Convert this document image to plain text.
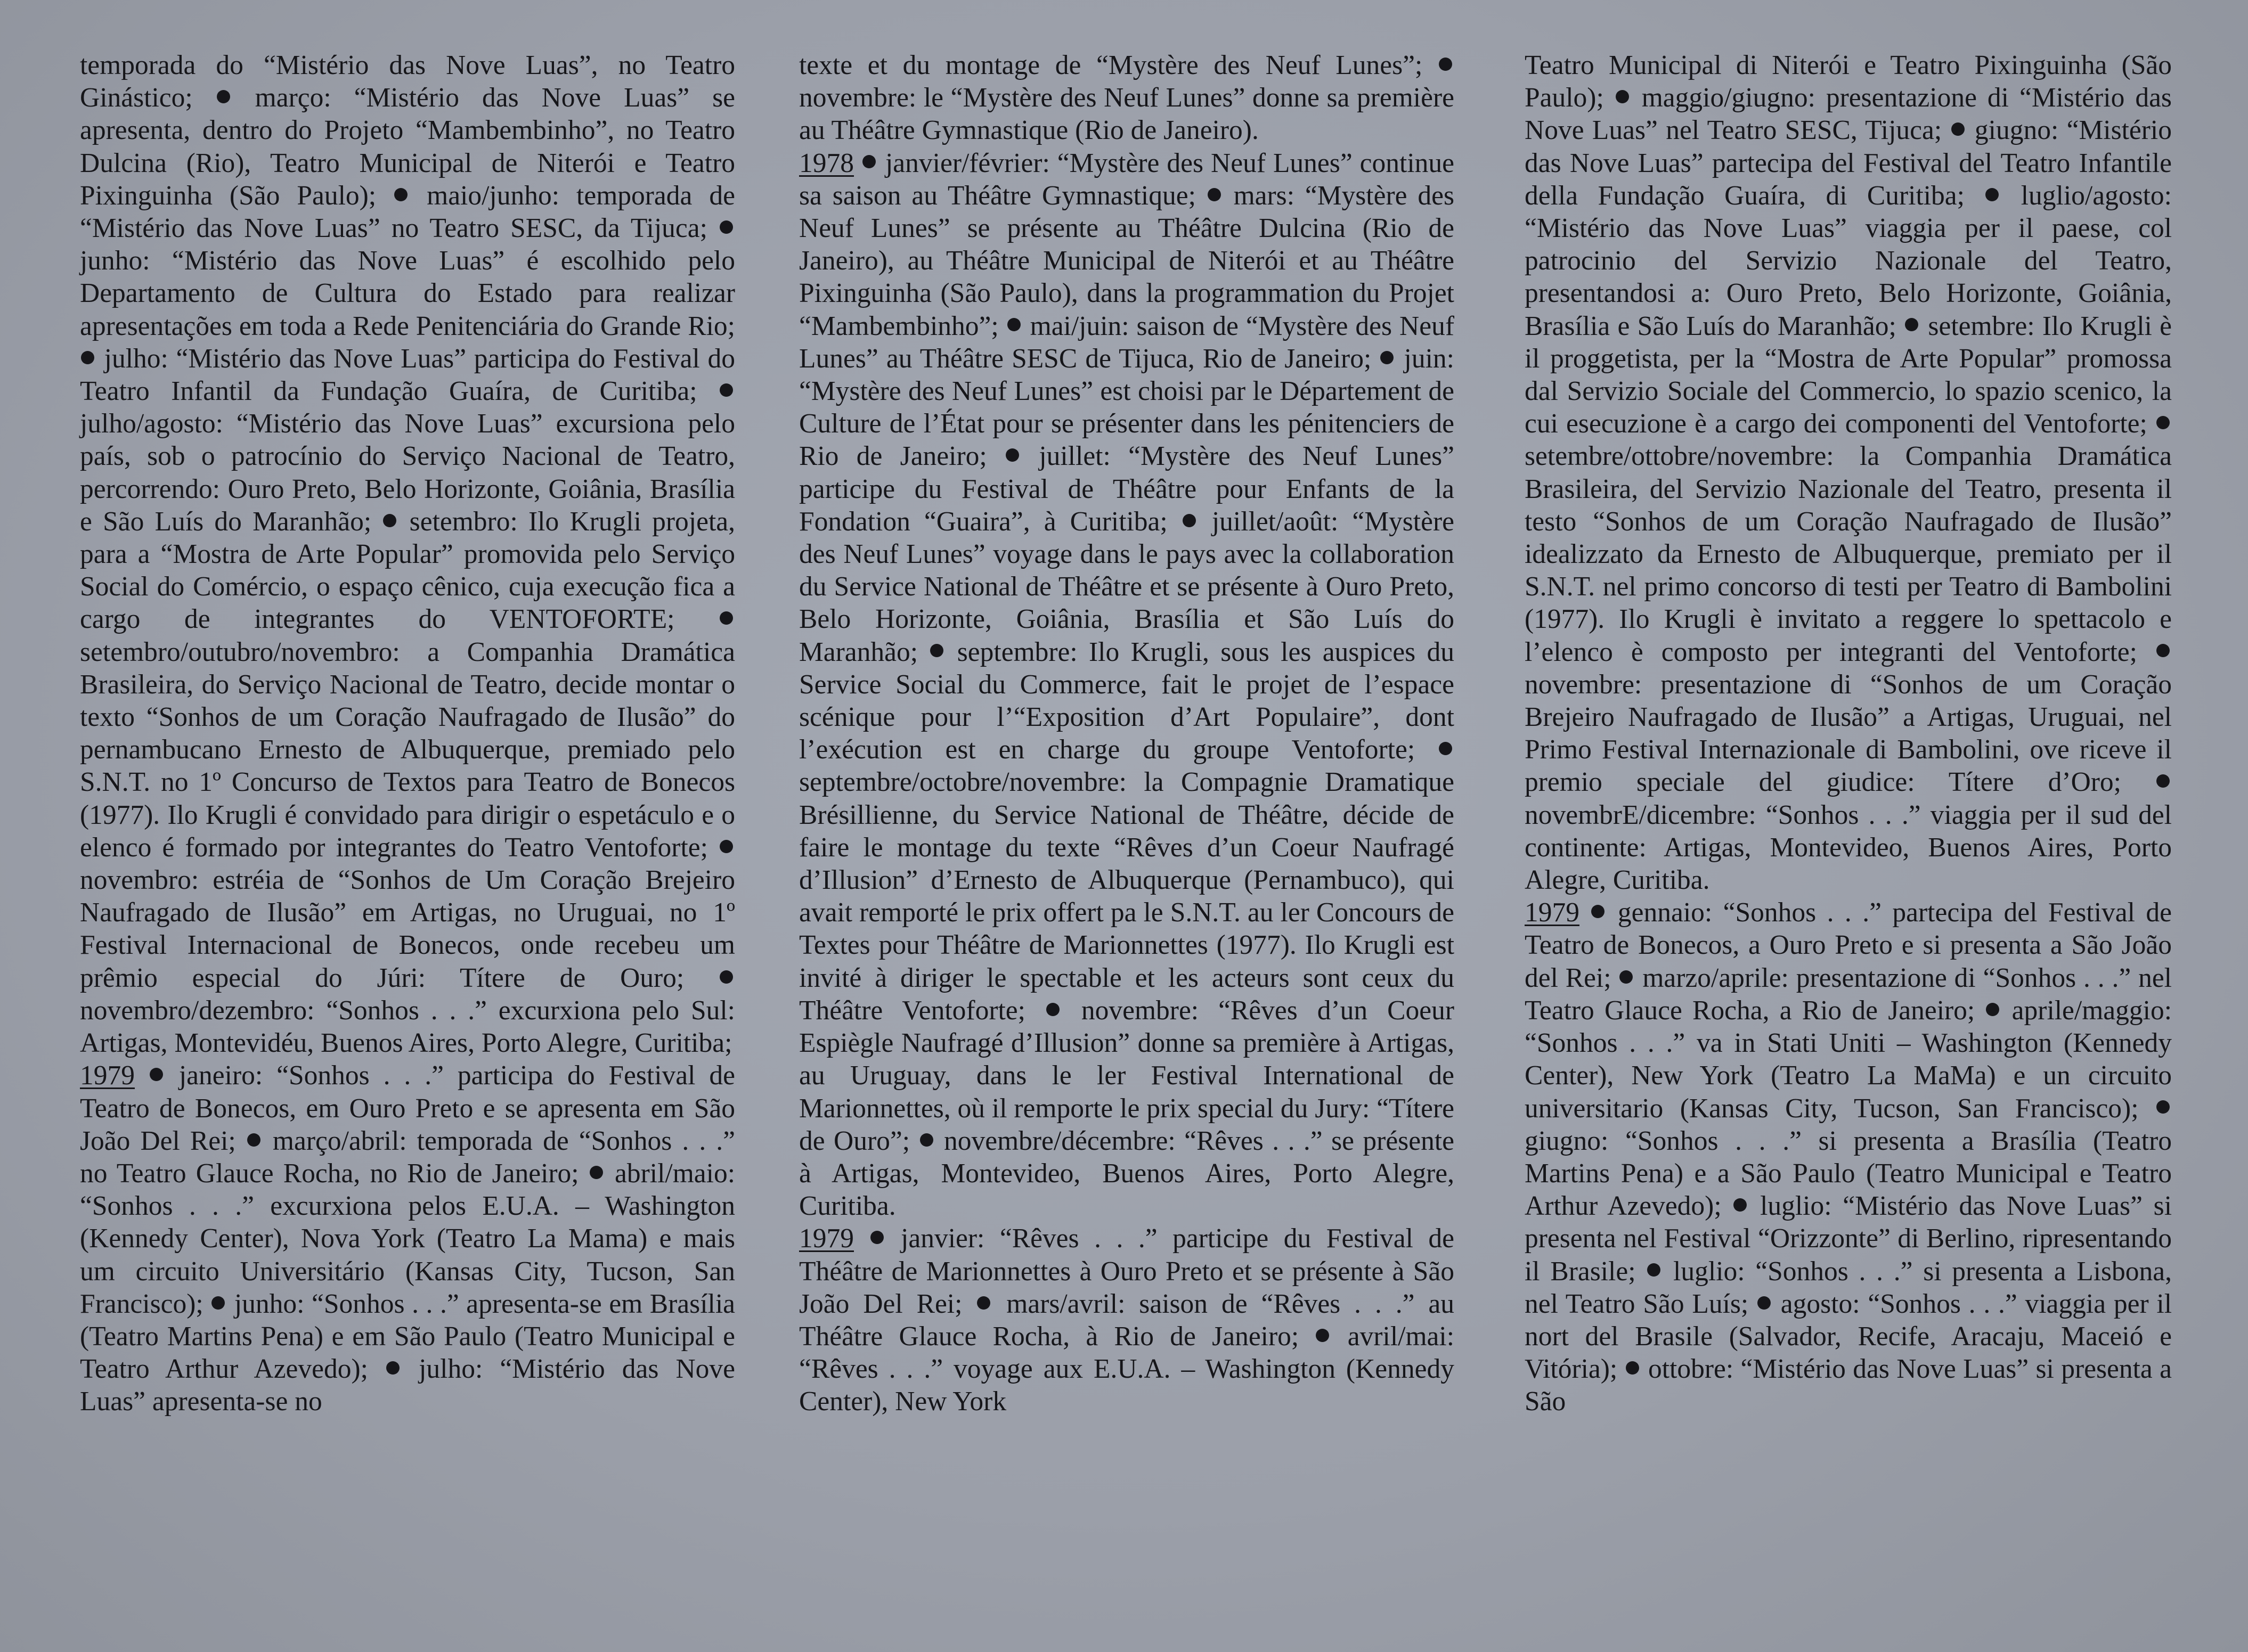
temporada do “Mistério das Nove Luas”, no Teatro Ginástico;  março: “Mistério das Nove Luas” se apresenta, dentro do Projeto “Mambembinho”, no Teatro Dulcina (Rio), Teatro Municipal de Niterói e Teatro Pixinguinha (São Paulo);  maio/junho: temporada de “Mistério das Nove Luas” no Teatro SESC, da Tijuca;  junho: “Mistério das Nove Luas” é escolhido pelo Departamento de Cultura do Estado para realizar apresentações em toda a Rede Penitenciária do Grande Rio;  julho: “Mistério das Nove Luas” participa do Festival do Teatro Infantil da Fundação Guaíra, de Curitiba;  julho/agosto: “Mistério das Nove Luas” excursiona pelo país, sob o patrocínio do Serviço Nacional de Teatro, percorrendo: Ouro Preto, Belo Horizonte, Goiânia, Brasília e São Luís do Maranhão;  setembro: Ilo Krugli projeta, para a “Mostra de Arte Popular” promovida pelo Serviço Social do Comércio, o espaço cênico, cuja execução fica a cargo de integrantes do VENTOFORTE;  setembro/outubro/novembro: a Companhia Dramática Brasileira, do Serviço Nacional de Teatro, decide montar o texto “Sonhos de um Coração Naufragado de Ilusão” do pernambucano Ernesto de Albuquerque, premiado pelo S.N.T. no 1º Concurso de Textos para Teatro de Bonecos (1977). Ilo Krugli é convidado para dirigir o espetáculo e o elenco é formado por integrantes do Teatro Ventoforte;  novembro: estréia de “Sonhos de Um Coração Brejeiro Naufragado de Ilusão” em Artigas, no Uruguai, no 1º Festival Internacional de Bonecos, onde recebeu um prêmio especial do Júri: Títere de Ouro;  novembro/dezembro: “Sonhos . . .” excurxiona pelo Sul: Artigas, Montevidéu, Buenos Aires, Porto Alegre, Curitiba;
1979  janeiro: “Sonhos . . .” participa do Festival de Teatro de Bonecos, em Ouro Preto e se apresenta em São João Del Rei;  março/abril: temporada de “Sonhos . . .” no Teatro Glauce Rocha, no Rio de Janeiro;  abril/maio: “Sonhos . . .” excurxiona pelos E.U.A. – Washington (Kennedy Center), Nova York (Teatro La Mama) e mais um circuito Universitário (Kansas City, Tucson, San Francisco);  junho: “Sonhos . . .” apresenta-se em Brasília (Teatro Martins Pena) e em São Paulo (Teatro Municipal e Teatro Arthur Azevedo);  julho: “Mistério das Nove Luas” apresenta-se no

texte et du montage de “Mystère des Neuf Lunes”;  novembre: le “Mystère des Neuf Lunes” donne sa première au Théâtre Gymnastique (Rio de Janeiro).
1978  janvier/février: “Mystère des Neuf Lunes” continue sa saison au Théâtre Gymnastique;  mars: “Mystère des Neuf Lunes” se présente au Théâtre Dulcina (Rio de Janeiro), au Théâtre Municipal de Niterói et au Théâtre Pixinguinha (São Paulo), dans la programmation du Projet “Mambembinho”;  mai/juin: saison de “Mystère des Neuf Lunes” au Théâtre SESC de Tijuca, Rio de Janeiro;  juin: “Mystère des Neuf Lunes” est choisi par le Département de Culture de l’État pour se présenter dans les pénitenciers de Rio de Janeiro;  juillet: “Mystère des Neuf Lunes” participe du Festival de Théâtre pour Enfants de la Fondation “Guaira”, à Curitiba;  juillet/août: “Mystère des Neuf Lunes” voyage dans le pays avec la collaboration du Service National de Théâtre et se présente à Ouro Preto, Belo Horizonte, Goiânia, Brasília et São Luís do Maranhão;  septembre: Ilo Krugli, sous les auspices du Service Social du Commerce, fait le projet de l’espace scénique pour l’“Exposition d’Art Populaire”, dont l’exécution est en charge du groupe Ventoforte;  septembre/octobre/novembre: la Compagnie Dramatique Brésillienne, du Service National de Théâtre, décide de faire le montage du texte “Rêves d’un Coeur Naufragé d’Illusion” d’Ernesto de Albuquerque (Pernambuco), qui avait remporté le prix offert pa le S.N.T. au ler Concours de Textes pour Théâtre de Marionnettes (1977). Ilo Krugli est invité à diriger le spectable et les acteurs sont ceux du Théâtre Ventoforte;  novembre: “Rêves d’un Coeur Espiègle Naufragé d’Illusion” donne sa première à Artigas, au Uruguay, dans le ler Festival International de Marionnettes, où il remporte le prix special du Jury: “Títere de Ouro”;  novembre/décembre: “Rêves . . .” se présente à Artigas, Montevideo, Buenos Aires, Porto Alegre, Curitiba.
1979  janvier: “Rêves . . .” participe du Festival de Théâtre de Marionnettes à Ouro Preto et se présente à São João Del Rei;  mars/avril: saison de “Rêves . . .” au Théâtre Glauce Rocha, à Rio de Janeiro;  avril/mai: “Rêves . . .” voyage aux E.U.A. – Washington (Kennedy Center), New York

Teatro Municipal di Niterói e Teatro Pixinguinha (São Paulo);  maggio/giugno: presentazione di “Mistério das Nove Luas” nel Teatro SESC, Tijuca;  giugno: “Mistério das Nove Luas” partecipa del Festival del Teatro Infantile della Fundação Guaíra, di Curitiba;  luglio/agosto: “Mistério das Nove Luas” viaggia per il paese, col patrocinio del Servizio Nazionale del Teatro, presentandosi a: Ouro Preto, Belo Horizonte, Goiânia, Brasília e São Luís do Maranhão;  setembre: Ilo Krugli è il proggetista, per la “Mostra de Arte Popular” promossa dal Servizio Sociale del Commercio, lo spazio scenico, la cui esecuzione è a cargo dei componenti del Ventoforte;  setembre/ottobre/novembre: la Companhia Dramática Brasileira, del Servizio Nazionale del Teatro, presenta il testo “Sonhos de um Coração Naufragado de Ilusão” idealizzato da Ernesto de Albuquerque, premiato per il S.N.T. nel primo concorso di testi per Teatro di Bambolini (1977). Ilo Krugli è invitato a reggere lo spettacolo e l’elenco è composto per integranti del Ventoforte;  novembre: presentazione di “Sonhos de um Coração Brejeiro Naufragado de Ilusão” a Artigas, Uruguai, nel Primo Festival Internazionale di Bambolini, ove riceve il premio speciale del giudice: Títere d’Oro;  novembrE/dicembre: “Sonhos . . .” viaggia per il sud del continente: Artigas, Montevideo, Buenos Aires, Porto Alegre, Curitiba.
1979  gennaio: “Sonhos . . .” partecipa del Festival de Teatro de Bonecos, a Ouro Preto e si presenta a São João del Rei;  marzo/aprile: presentazione di “Sonhos . . .” nel Teatro Glauce Rocha, a Rio de Janeiro;  aprile/maggio: “Sonhos . . .” va in Stati Uniti – Washington (Kennedy Center), New York (Teatro La MaMa) e un circuito universitario (Kansas City, Tucson, San Francisco);  giugno: “Sonhos . . .” si presenta a Brasília (Teatro Martins Pena) e a São Paulo (Teatro Municipal e Teatro Arthur Azevedo);  luglio: “Mistério das Nove Luas” si presenta nel Festival “Orizzonte” di Berlino, ripresentando il Brasile;  luglio: “Sonhos . . .” si presenta a Lisbona, nel Teatro São Luís;  agosto: “Sonhos . . .” viaggia per il nort del Brasile (Salvador, Recife, Aracaju, Maceió e Vitória);  ottobre: “Mistério das Nove Luas” si presenta a São
